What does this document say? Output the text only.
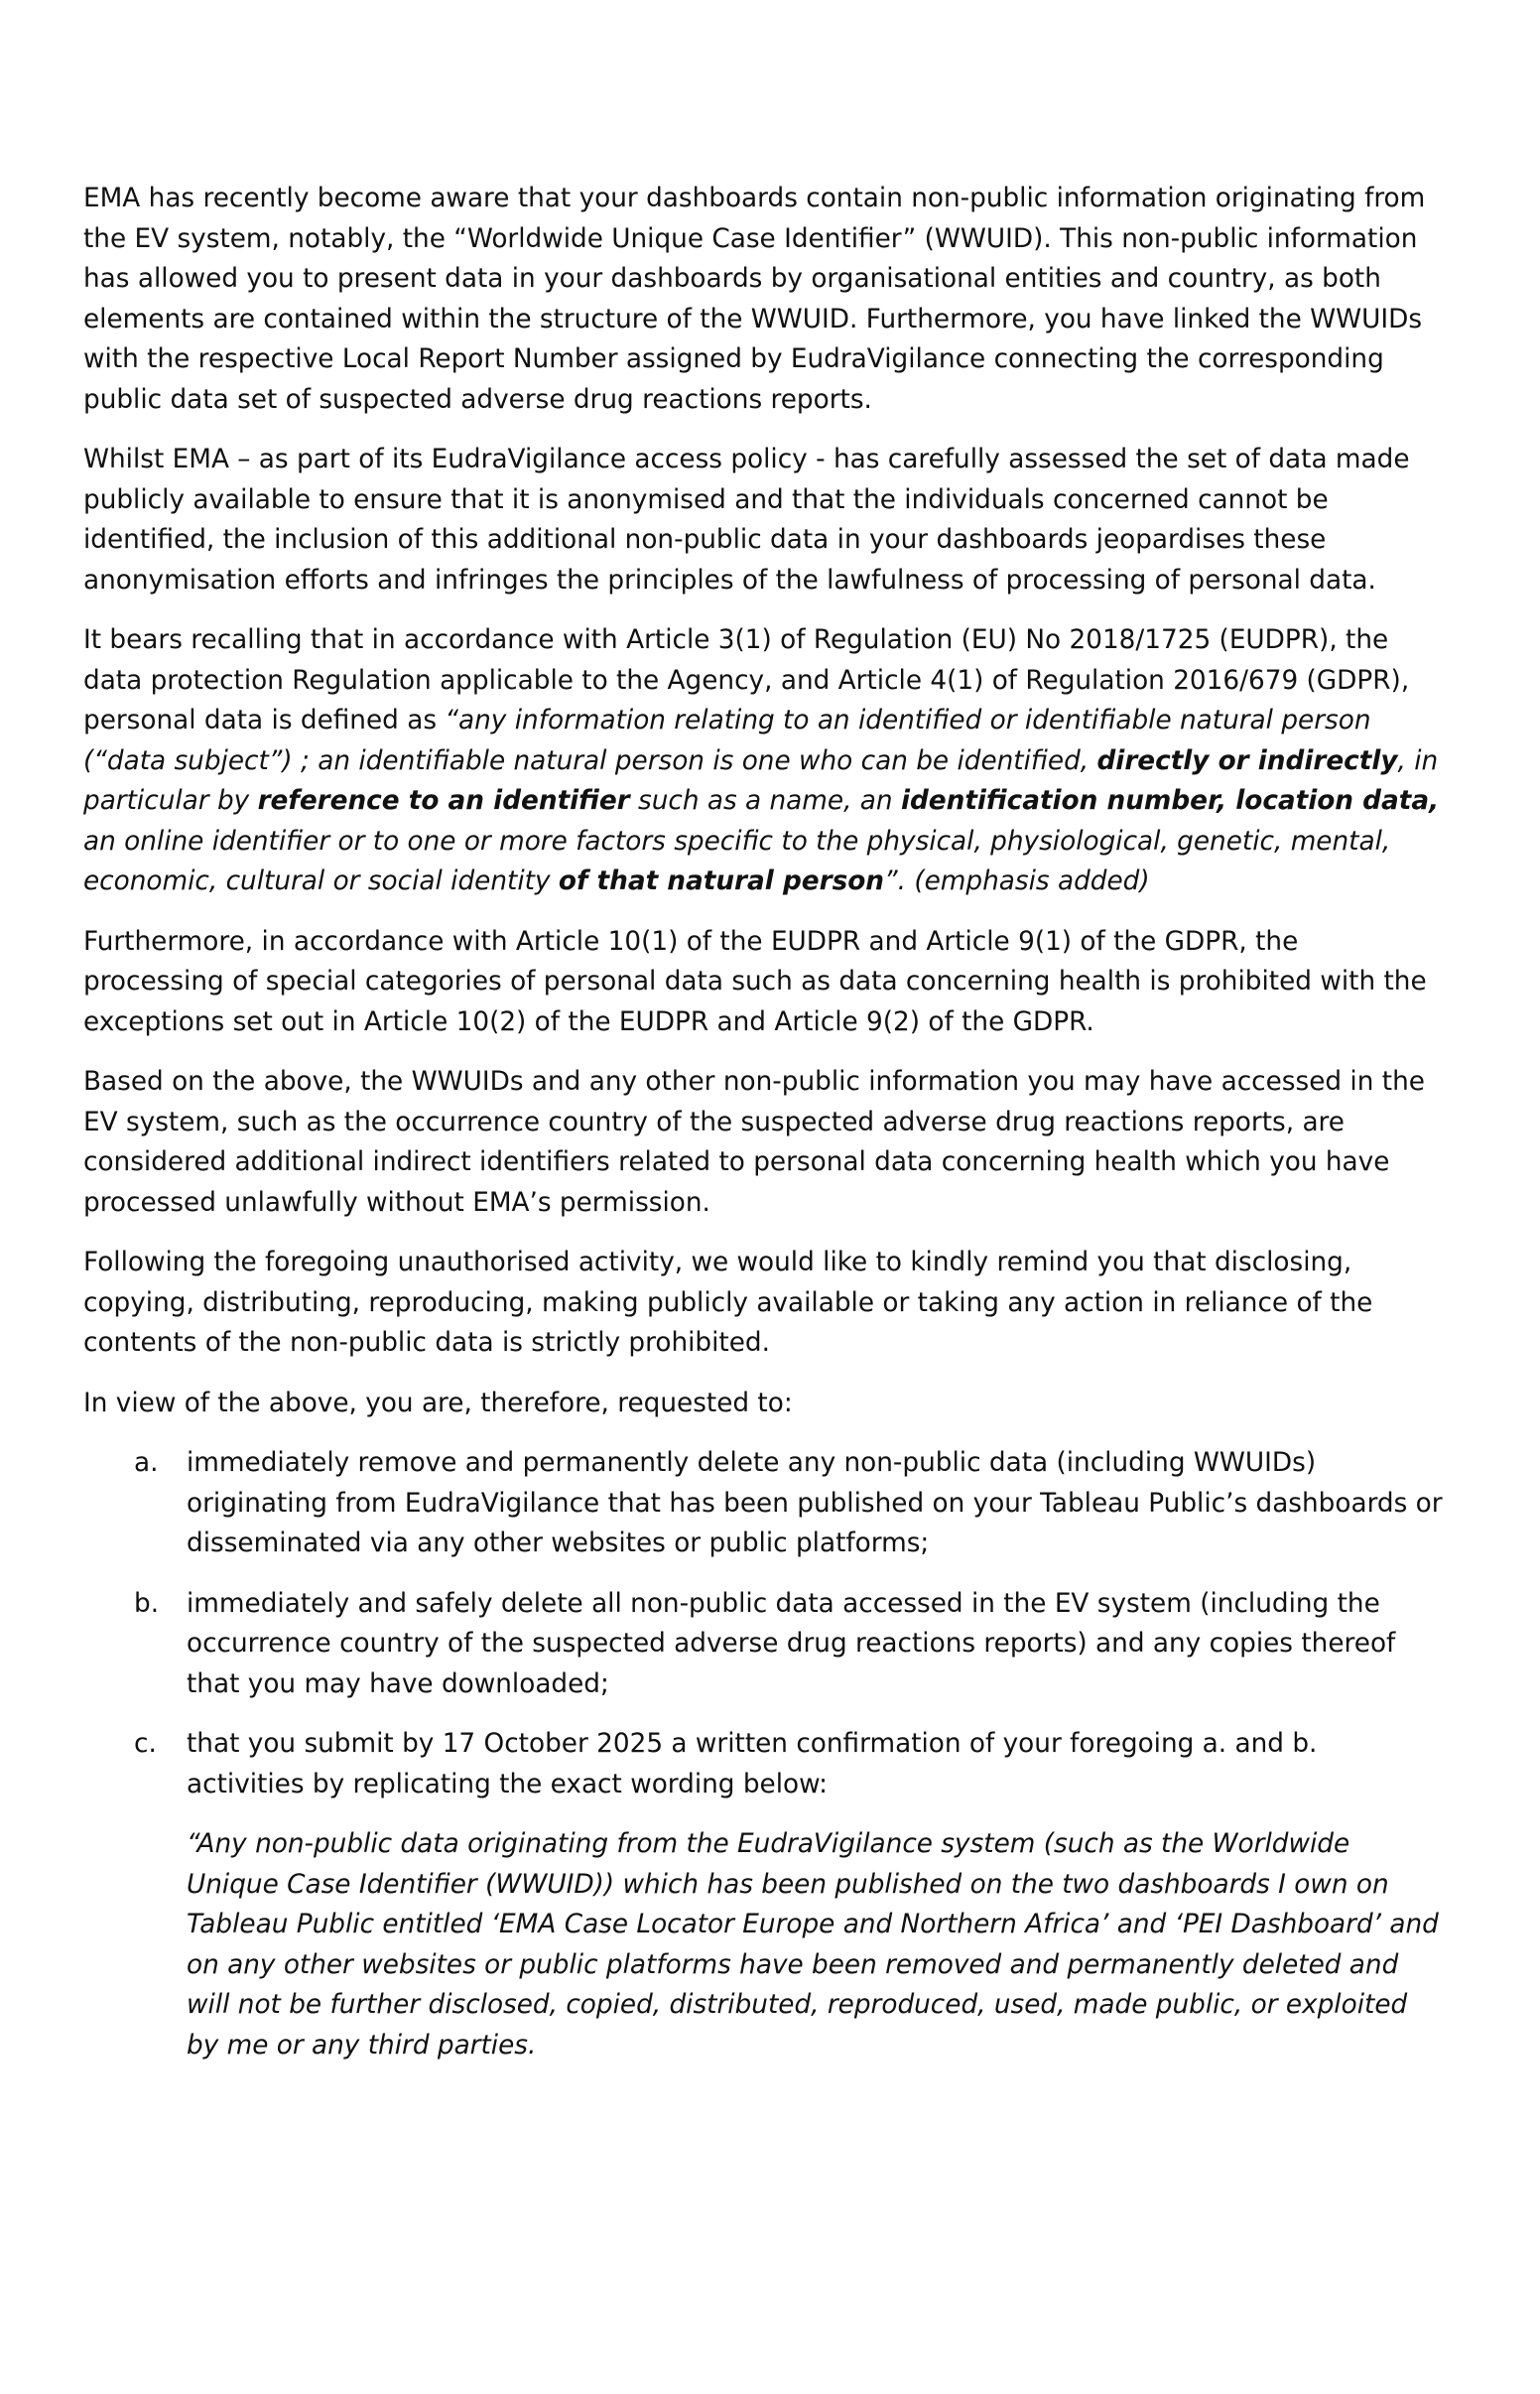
EMA has recently become aware that your dashboards contain non-public information originating from the EV system, notably, the “Worldwide Unique Case Identifier” (WWUID). This non-public information has allowed you to present data in your dashboards by organisational entities and country, as both elements are contained within the structure of the WWUID. Furthermore, you have linked the WWUIDs with the respective Local Report Number assigned by EudraVigilance connecting the corresponding public data set of suspected adverse drug reactions reports.

Whilst EMA – as part of its EudraVigilance access policy - has carefully assessed the set of data made publicly available to ensure that it is anonymised and that the individuals concerned cannot be identified, the inclusion of this additional non-public data in your dashboards jeopardises these anonymisation efforts and infringes the principles of the lawfulness of processing of personal data.

It bears recalling that in accordance with Article 3(1) of Regulation (EU) No 2018/1725 (EUDPR), the data protection Regulation applicable to the Agency, and Article 4(1) of Regulation 2016/679 (GDPR), personal data is defined as “any information relating to an identified or identifiable natural person (“data subject”) ; an identifiable natural person is one who can be identified, directly or indirectly, in particular by reference to an identifier such as a name, an identification number, location data, an online identifier or to one or more factors specific to the physical, physiological, genetic, mental, economic, cultural or social identity of that natural person”. (emphasis added)

Furthermore, in accordance with Article 10(1) of the EUDPR and Article 9(1) of the GDPR, the processing of special categories of personal data such as data concerning health is prohibited with the exceptions set out in Article 10(2) of the EUDPR and Article 9(2) of the GDPR.

Based on the above, the WWUIDs and any other non-public information you may have accessed in the EV system, such as the occurrence country of the suspected adverse drug reactions reports, are considered additional indirect identifiers related to personal data concerning health which you have processed unlawfully without EMA’s permission.

Following the foregoing unauthorised activity, we would like to kindly remind you that disclosing, copying, distributing, reproducing, making publicly available or taking any action in reliance of the contents of the non-public data is strictly prohibited.

In view of the above, you are, therefore, requested to:

a. immediately remove and permanently delete any non-public data (including WWUIDs) originating from EudraVigilance that has been published on your Tableau Public’s dashboards or disseminated via any other websites or public platforms;
b. immediately and safely delete all non-public data accessed in the EV system (including the occurrence country of the suspected adverse drug reactions reports) and any copies thereof that you may have downloaded;
c. that you submit by 17 October 2025 a written confirmation of your foregoing a. and b. activities by replicating the exact wording below:

“Any non-public data originating from the EudraVigilance system (such as the Worldwide Unique Case Identifier (WWUID)) which has been published on the two dashboards I own on Tableau Public entitled ‘EMA Case Locator Europe and Northern Africa’ and ‘PEI Dashboard’ and on any other websites or public platforms have been removed and permanently deleted and will not be further disclosed, copied, distributed, reproduced, used, made public, or exploited by me or any third parties.
